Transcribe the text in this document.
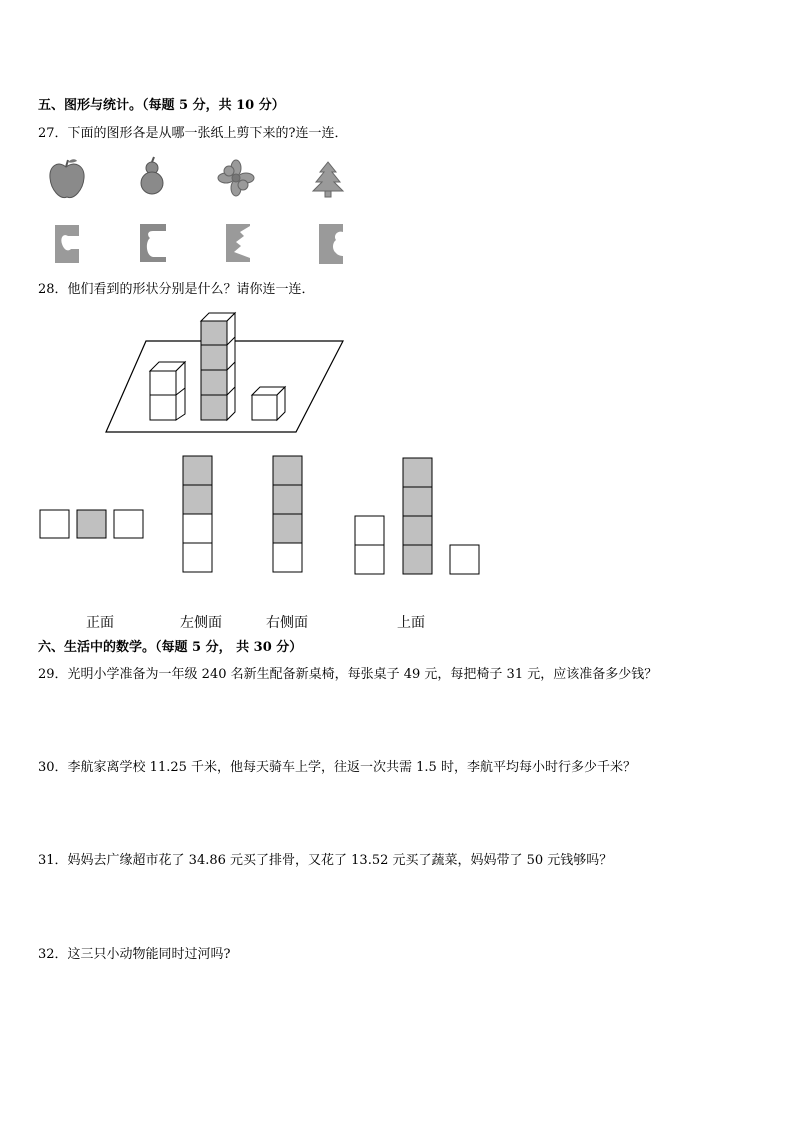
五、图形与统计。（每题 5 分，共 10 分）
27．下面的图形各是从哪一张纸上剪下来的?连一连．
28．他们看到的形状分别是什么？请你连一连．
正面	左侧面	右侧面	上面
六、生活中的数学。（每题 5 分， 共 30 分）
29．光明小学准备为一年级 240 名新生配备新桌椅，每张桌子 49 元，每把椅子 31 元，应该准备多少钱？
30．李航家离学校 11.25 千米，他每天骑车上学，往返一次共需 1.5 时，李航平均每小时行多少千米？
31．妈妈去广缘超市花了 34.86 元买了排骨，又花了 13.52 元买了蔬菜，妈妈带了 50 元钱够吗？
32．这三只小动物能同时过河吗?
